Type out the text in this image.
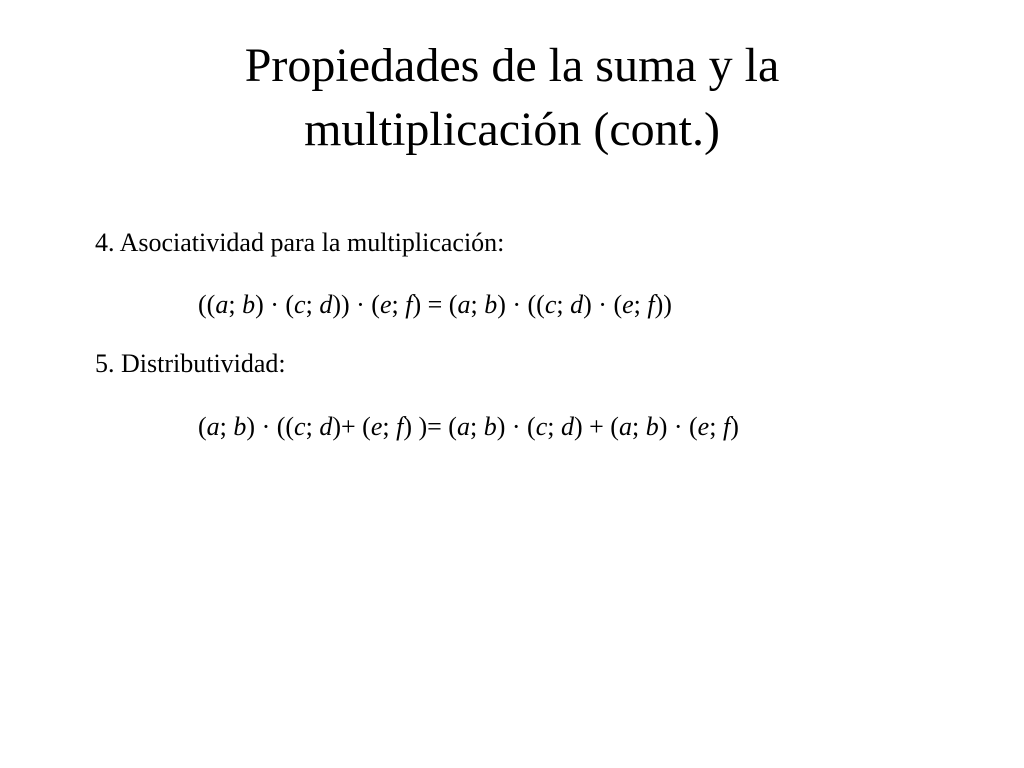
Propiedades de la suma y la
multiplicación (cont.)
4. Asociatividad para la multiplicación:
((a; b) · (c; d)) · (e; f) = (a; b) · ((c; d) · (e; f))
5. Distributividad:
(a; b) · ((c; d)+ (e; f) )= (a; b) · (c; d) + (a; b) · (e; f)
